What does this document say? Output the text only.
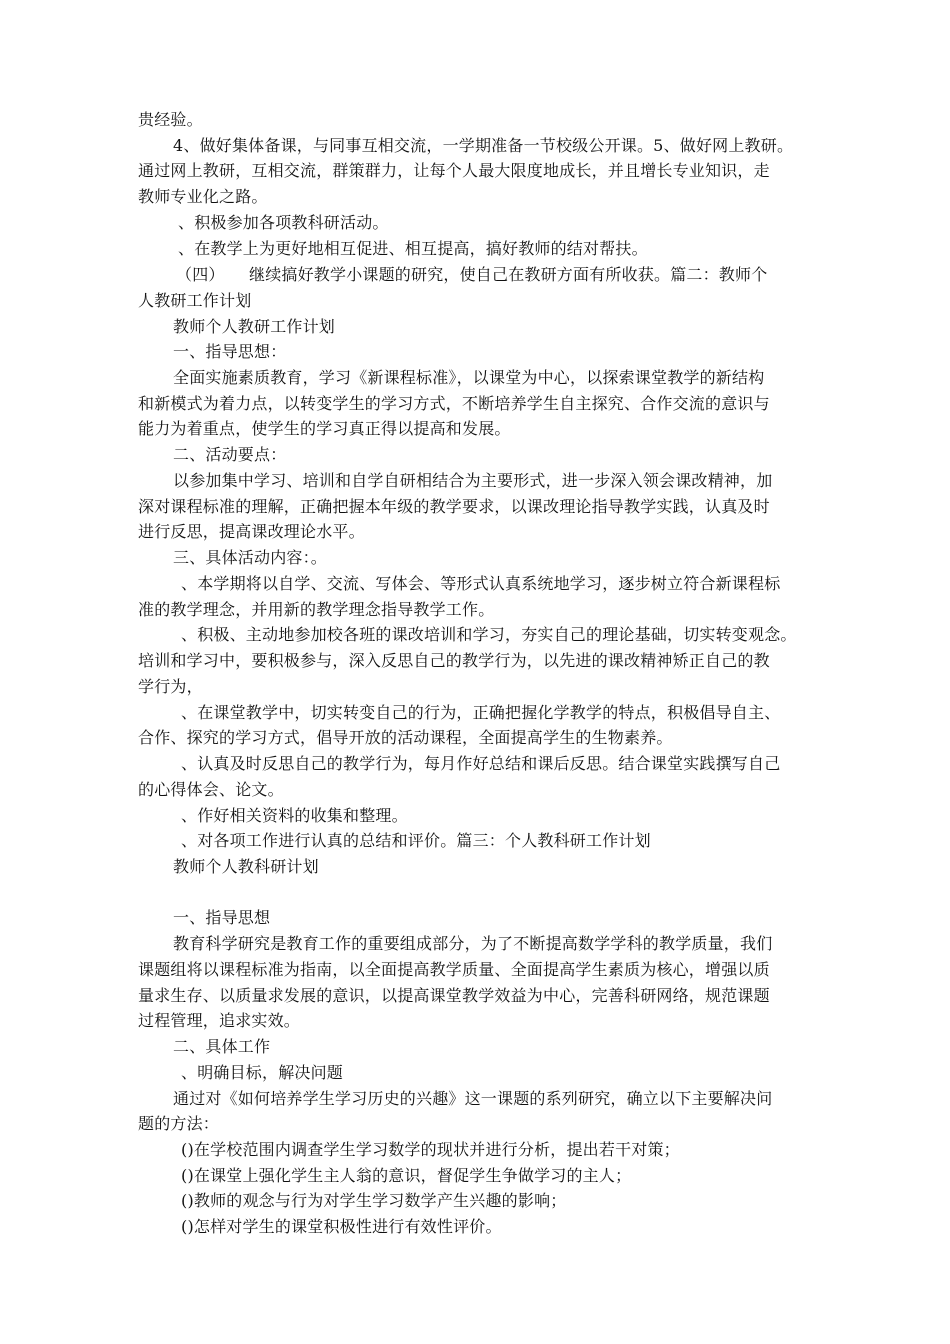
贵经验。
4、做好集体备课，与同事互相交流，一学期准备一节校级公开课。5、做好网上教研。
通过网上教研，互相交流，群策群力，让每个人最大限度地成长，并且增长专业知识，走
教师专业化之路。
、积极参加各项教科研活动。
、在教学上为更好地相互促进、相互提高，搞好教师的结对帮扶。
（四）　　继续搞好教学小课题的研究，使自己在教研方面有所收获。篇二：教师个
人教研工作计划
教师个人教研工作计划
一、指导思想：
全面实施素质教育，学习《新课程标准》，以课堂为中心，以探索课堂教学的新结构
和新模式为着力点，以转变学生的学习方式，不断培养学生自主探究、合作交流的意识与
能力为着重点，使学生的学习真正得以提高和发展。
二、活动要点：
以参加集中学习、培训和自学自研相结合为主要形式，进一步深入领会课改精神，加
深对课程标准的理解，正确把握本年级的教学要求，以课改理论指导教学实践，认真及时
进行反思，提高课改理论水平。
三、具体活动内容：。
、本学期将以自学、交流、写体会、等形式认真系统地学习，逐步树立符合新课程标
准的教学理念，并用新的教学理念指导教学工作。
、积极、主动地参加校各班的课改培训和学习，夯实自己的理论基础，切实转变观念。
培训和学习中，要积极参与，深入反思自己的教学行为，以先进的课改精神矫正自己的教
学行为，
、在课堂教学中，切实转变自己的行为，正确把握化学教学的特点，积极倡导自主、
合作、探究的学习方式，倡导开放的活动课程，全面提高学生的生物素养。
、认真及时反思自己的教学行为，每月作好总结和课后反思。结合课堂实践撰写自己
的心得体会、论文。
、作好相关资料的收集和整理。
、对各项工作进行认真的总结和评价。篇三：个人教科研工作计划
教师个人教科研计划
一、指导思想
教育科学研究是教育工作的重要组成部分，为了不断提高数学学科的教学质量，我们
课题组将以课程标准为指南，以全面提高教学质量、全面提高学生素质为核心，增强以质
量求生存、以质量求发展的意识，以提高课堂教学效益为中心，完善科研网络，规范课题
过程管理，追求实效。
二、具体工作
、明确目标，解决问题
通过对《如何培养学生学习历史的兴趣》这一课题的系列研究，确立以下主要解决问
题的方法：
()在学校范围内调查学生学习数学的现状并进行分析，提出若干对策；
()在课堂上强化学生主人翁的意识，督促学生争做学习的主人；
()教师的观念与行为对学生学习数学产生兴趣的影响；
()怎样对学生的课堂积极性进行有效性评价。
